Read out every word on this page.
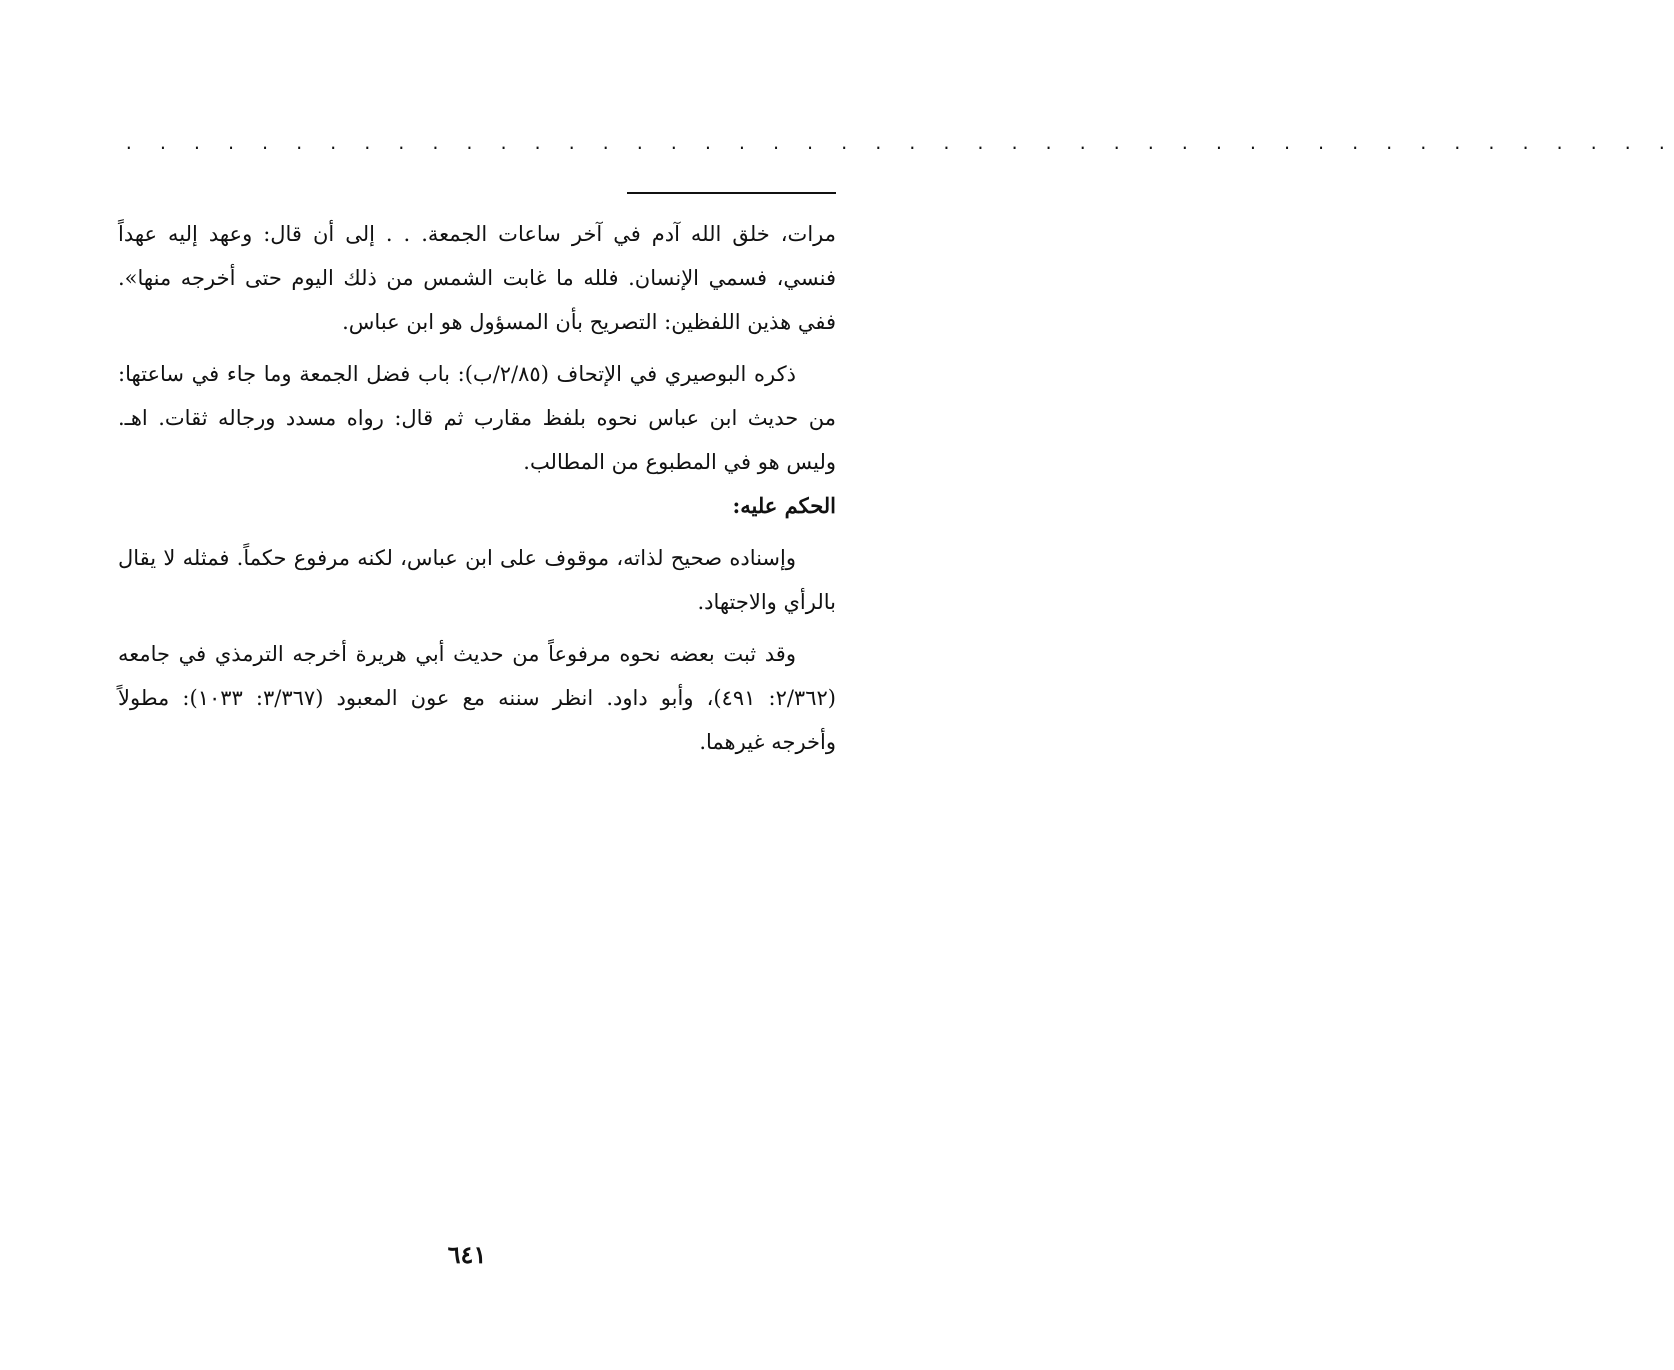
. . . . . . . . . . . . . . . . . . . . . . . . . . . . . . . . . . . . . . . . . . . . . .

مرات، خلق الله آدم في آخر ساعات الجمعة. . . إلى أن قال: وعهد إليه عهداً فنسي، فسمي الإنسان. فلله ما غابت الشمس من ذلك اليوم حتى أخرجه منها». ففي هذين اللفظين: التصريح بأن المسؤول هو ابن عباس.

ذكره البوصيري في الإتحاف (٢/٨٥/ب): باب فضل الجمعة وما جاء في ساعتها: من حديث ابن عباس نحوه بلفظ مقارب ثم قال: رواه مسدد ورجاله ثقات. اهـ. وليس هو في المطبوع من المطالب.

الحكم عليه:

وإسناده صحيح لذاته، موقوف على ابن عباس، لكنه مرفوع حكماً. فمثله لا يقال بالرأي والاجتهاد.

وقد ثبت بعضه نحوه مرفوعاً من حديث أبي هريرة أخرجه الترمذي في جامعه (٢/٣٦٢: ٤٩١)، وأبو داود. انظر سننه مع عون المعبود (٣/٣٦٧: ١٠٣٣): مطولاً وأخرجه غيرهما.

٦٤١
